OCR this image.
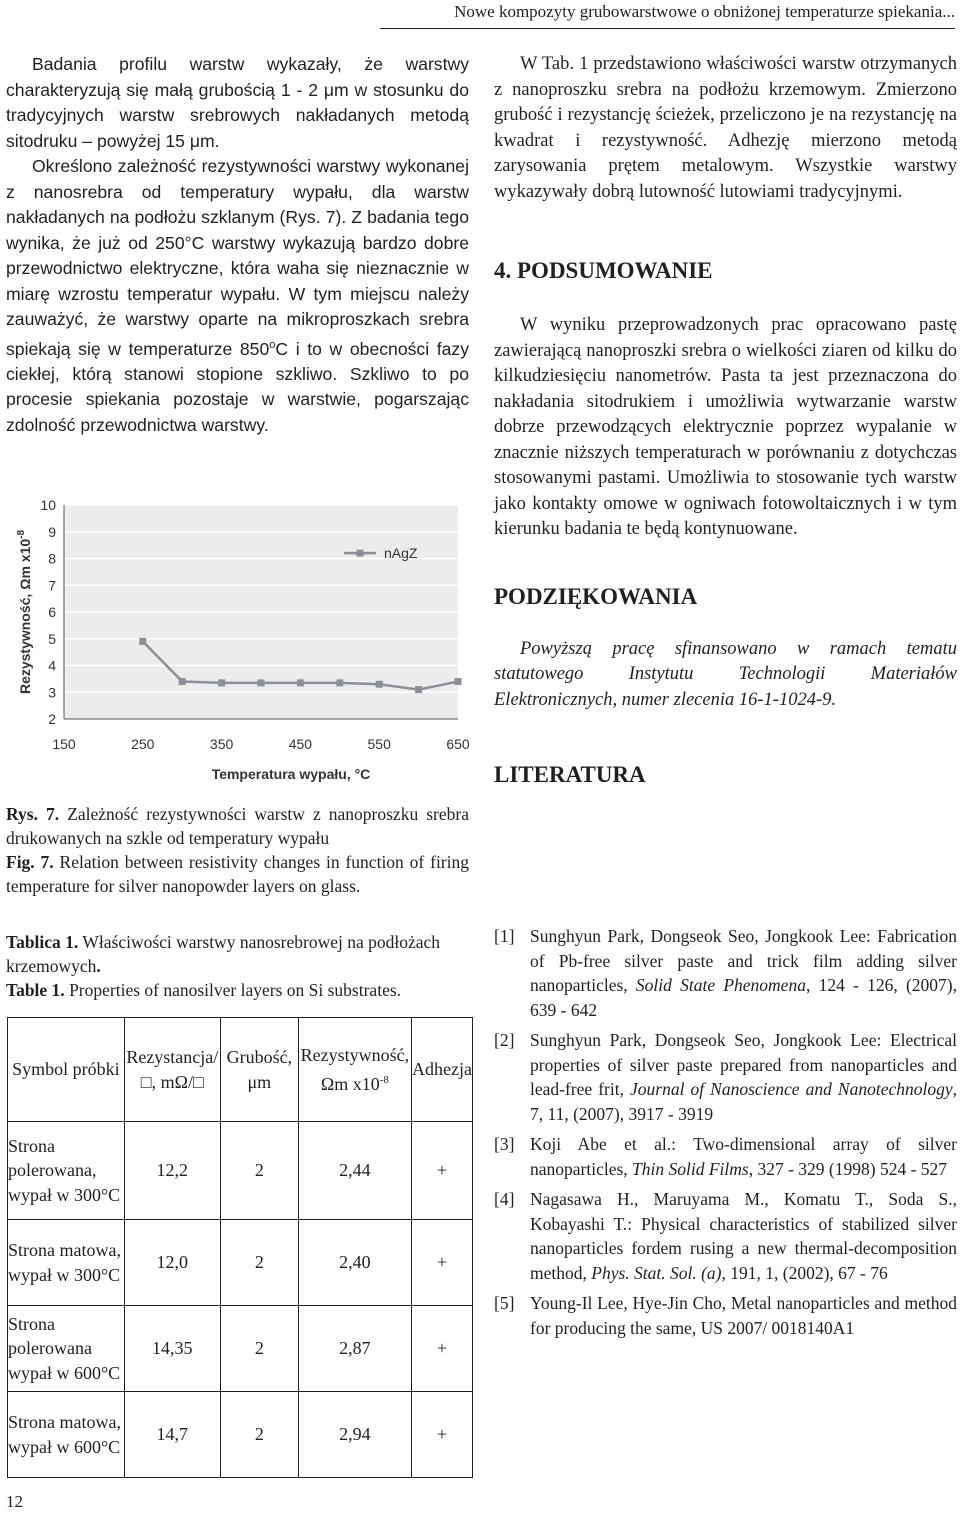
Nowe kompozyty grubowarstwowe o obniżonej temperaturze spiekania...

Badania profilu warstw wykazały, że warstwy charakteryzują się małą grubością 1 - 2 μm w stosunku do tradycyjnych warstw srebrowych nakładanych metodą sitodruku – powyżej 15 μm.

Określono zależność rezystywności warstwy wykonanej z nanosrebra od temperatury wypału, dla warstw nakładanych na podłożu szklanym (Rys. 7). Z badania tego wynika, że już od 250°C warstwy wykazują bardzo dobre przewodnictwo elektryczne, która waha się nieznacznie w miarę wzrostu temperatur wypału. W tym miejscu należy zauważyć, że warstwy oparte na mikroproszkach srebra spiekają się w temperaturze 850$^o$C i to w obecności fazy ciekłej, którą stanowi stopione szkliwo. Szkliwo to po procesie spiekania pozostaje w warstwie, pogarszając zdolność przewodnictwa warstwy.

2
3
4
5
6
7
8
9
10
150	250	350	450	550	650
Temperatura wypału, °C
Rezystywność, Ωm $x10^{-8}$
nAgZ
Rys. 7. Zależność rezystywności warstw z nanoproszku srebra drukowanych na szkle od temperatury wypału
Fig. 7. Relation between resistivity changes in function of firing temperature for silver nanopowder layers on glass.
Tablica 1. Właściwości warstwy nanosrebrowej na podłożach krzemowych.
Table 1. Properties of nanosilver layers on Si substrates.
Symbol próbki	Rezystancja/□, mΩ/□	Grubość, μm	Rezystywność, Ωm $x10^{-8}$	Adhezja
Strona polerowana, wypał w 300°C	12,2	2	2,44	+
Strona matowa, wypał w 300°C	12,0	2	2,40	+
Strona polerowana wypał w 600°C	14,35	2	2,87	+
Strona matowa, wypał w 600°C	14,7	2	2,94	+

W Tab. 1 przedstawiono właściwości warstw otrzymanych z nanoproszku srebra na podłożu krzemowym. Zmierzono grubość i rezystancję ścieżek, przeliczono je na rezystancję na kwadrat i rezystywność. Adhezję mierzono metodą zarysowania prętem metalowym. Wszystkie warstwy wykazywały dobrą lutowność lutowiami tradycyjnymi.

4. PODSUMOWANIE

W wyniku przeprowadzonych prac opracowano pastę zawierającą nanoproszki srebra o wielkości ziaren od kilku do kilkudziesięciu nanometrów. Pasta ta jest przeznaczona do nakładania sitodrukiem i umożliwia wytwarzanie warstw dobrze przewodzących elektrycznie poprzez wypalanie w znacznie niższych temperaturach w porównaniu z dotychczas stosowanymi pastami. Umożliwia to stosowanie tych warstw jako kontakty omowe w ogniwach fotowoltaicznych i w tym kierunku badania te będą kontynuowane.

PODZIĘKOWANIA

Powyższą pracę sfinansowano w ramach tematu statutowego Instytutu Technologii Materiałów Elektronicznych, numer zlecenia 16-1-1024-9.

LITERATURA
[1] Sunghyun Park, Dongseok Seo, Jongkook Lee: Fabrication of Pb-free silver paste and trick film adding silver nanoparticles, Solid State Phenomena, 124 - 126, (2007), 639 - 642
[2] Sunghyun Park, Dongseok Seo, Jongkook Lee: Electrical properties of silver paste prepared from nanoparticles and lead-free frit, Journal of Nanoscience and Nanotechnology, 7, 11, (2007), 3917 - 3919
[3] Koji Abe et al.: Two-dimensional array of silver nanoparticles, Thin Solid Films, 327 - 329 (1998) 524 - 527
[4] Nagasawa H., Maruyama M., Komatu T., Soda S., Kobayashi T.: Physical characteristics of stabilized silver nanoparticles fordem rusing a new thermal-decomposition method, Phys. Stat. Sol. (a), 191, 1, (2002), 67 - 76
[5] Young-Il Lee, Hye-Jin Cho, Metal nanoparticles and method for producing the same, US 2007/ 0018140A1
12
